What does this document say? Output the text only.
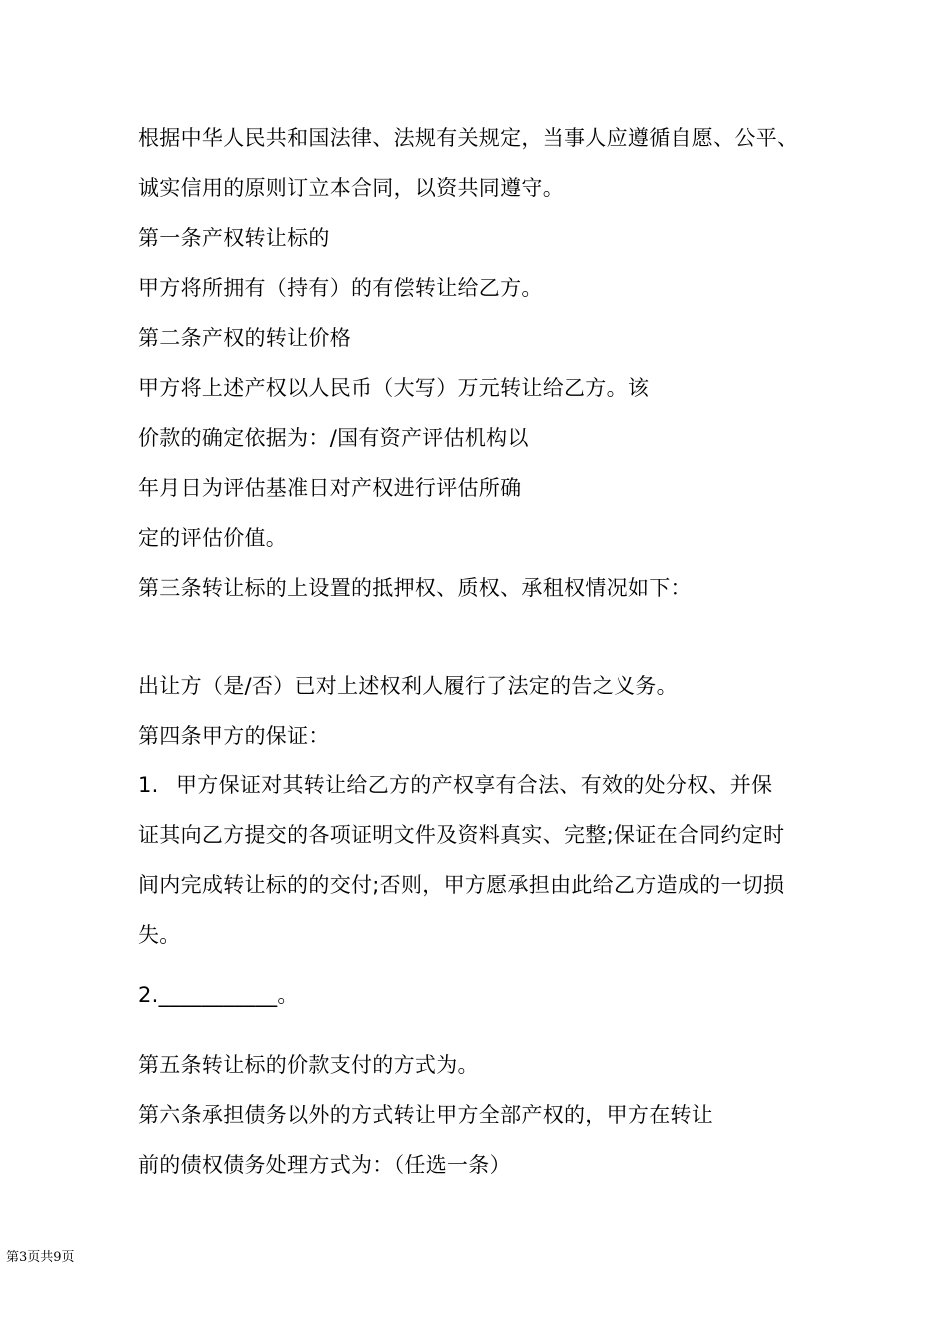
根据中华人民共和国法律、法规有关规定，当事人应遵循自愿、公平、
诚实信用的原则订立本合同，以资共同遵守。
第一条产权转让标的
甲方将所拥有（持有）的有偿转让给乙方。
第二条产权的转让价格
甲方将上述产权以人民币（大写）万元转让给乙方。该
价款的确定依据为：/国有资产评估机构以
年月日为评估基准日对产权进行评估所确
定的评估价值。
第三条转让标的上设置的抵押权、质权、承租权情况如下：
出让方（是/否）已对上述权利人履行了法定的告之义务。
第四条甲方的保证：
1. 甲方保证对其转让给乙方的产权享有合法、有效的处分权、并保
证其向乙方提交的各项证明文件及资料真实、完整;保证在合同约定时
间内完成转让标的的交付;否则，甲方愿承担由此给乙方造成的一切损
失。
2.___________。
第五条转让标的价款支付的方式为。
第六条承担债务以外的方式转让甲方全部产权的，甲方在转让
前的债权债务处理方式为：（任选一条）
第3页共9页
